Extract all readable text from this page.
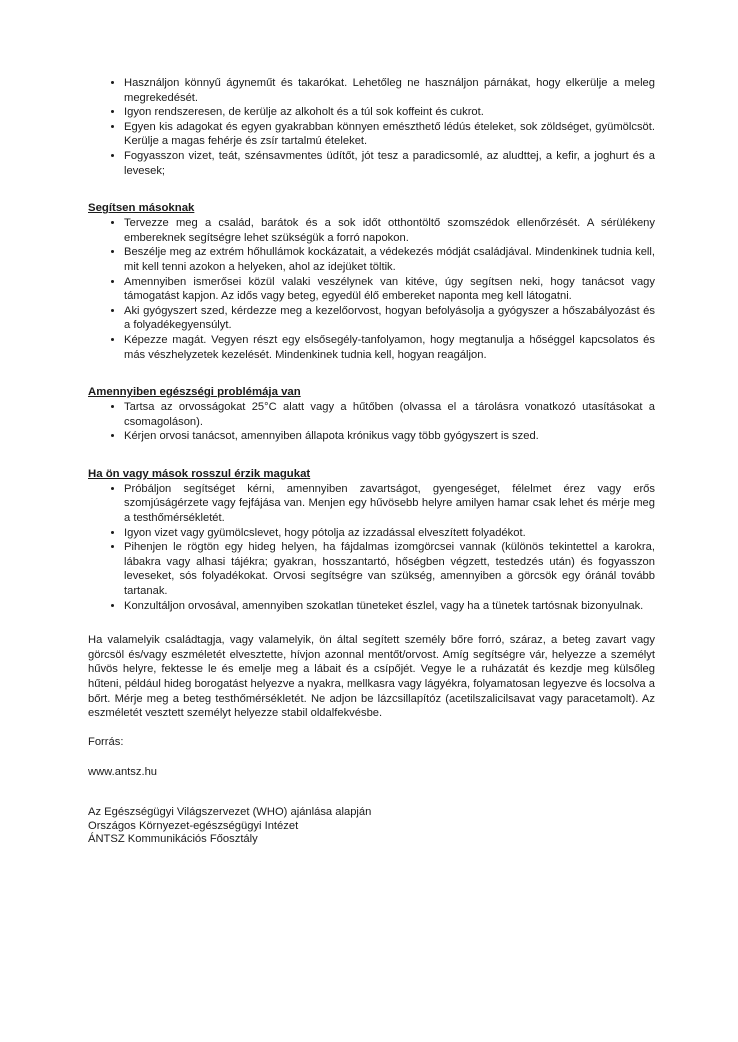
• Használjon könnyű ágyneműt és takarókat. Lehetőleg ne használjon párnákat, hogy elkerülje a meleg megrekedését.
• Igyon rendszeresen, de kerülje az alkoholt és a túl sok koffeint és cukrot.
• Egyen kis adagokat és egyen gyakrabban könnyen emészthető lédús ételeket, sok zöldséget, gyümölcsöt. Kerülje a magas fehérje és zsír tartalmú ételeket.
• Fogyasszon vizet, teát, szénsavmentes üdítőt, jót tesz a paradicsomlé, az aludttej, a kefir, a joghurt és a levesek;
Segítsen másoknak
• Tervezze meg a család, barátok és a sok időt otthontöltő szomszédok ellenőrzését. A sérülékeny embereknek segítségre lehet szükségük a forró napokon.
• Beszélje meg az extrém hőhullámok kockázatait, a védekezés módját családjával. Mindenkinek tudnia kell, mit kell tenni azokon a helyeken, ahol az idejüket töltik.
• Amennyiben ismerősei közül valaki veszélynek van kitéve, úgy segítsen neki, hogy tanácsot vagy támogatást kapjon. Az idős vagy beteg, egyedül élő embereket naponta meg kell látogatni.
• Aki gyógyszert szed, kérdezze meg a kezelőorvost, hogyan befolyásolja a gyógyszer a hőszabályozást és a folyadékegyensúlyt.
• Képezze magát. Vegyen részt egy elsősegély-tanfolyamon, hogy megtanulja a hőséggel kapcsolatos és más vészhelyzetek kezelését. Mindenkinek tudnia kell, hogyan reagáljon.
Amennyiben egészségi problémája van
• Tartsa az orvosságokat 25°C alatt vagy a hűtőben (olvassa el a tárolásra vonatkozó utasításokat a csomagoláson).
• Kérjen orvosi tanácsot, amennyiben állapota krónikus vagy több gyógyszert is szed.
Ha ön vagy mások rosszul érzik magukat
• Próbáljon segítséget kérni, amennyiben zavartságot, gyengeséget, félelmet érez vagy erős szomjúságérzete vagy fejfájása van. Menjen egy hűvösebb helyre amilyen hamar csak lehet és mérje meg a testhőmérsékletét.
• Igyon vizet vagy gyümölcslevet, hogy pótolja az izzadással elveszített folyadékot.
• Pihenjen le rögtön egy hideg helyen, ha fájdalmas izomgörcsei vannak (különös tekintettel a karokra, lábakra vagy alhasi tájékra; gyakran, hosszantartó, hőségben végzett, testedzés után) és fogyasszon leveseket, sós folyadékokat. Orvosi segítségre van szükség, amennyiben a görcsök egy óránál tovább tartanak.
• Konzultáljon orvosával, amennyiben szokatlan tüneteket észlel, vagy ha a tünetek tartósnak bizonyulnak.

Ha valamelyik családtagja, vagy valamelyik, ön által segített személy bőre forró, száraz, a beteg zavart vagy görcsöl és/vagy eszméletét elvesztette, hívjon azonnal mentőt/orvost. Amíg segítségre vár, helyezze a személyt hűvös helyre, fektesse le és emelje meg a lábait és a csípőjét. Vegye le a ruházatát és kezdje meg külsőleg hűteni, például hideg borogatást helyezve a nyakra, mellkasra vagy lágyékra, folyamatosan legyezve és locsolva a bőrt. Mérje meg a beteg testhőmérsékletét. Ne adjon be lázcsillapítóz (acetilszalicilsavat vagy paracetamolt). Az eszméletét vesztett személyt helyezze stabil oldalfekvésbe.

Forrás:

www.antsz.hu

Az Egészségügyi Világszervezet (WHO) ajánlása alapján

Országos Környezet-egészségügyi Intézet

ÁNTSZ Kommunikációs Főosztály
